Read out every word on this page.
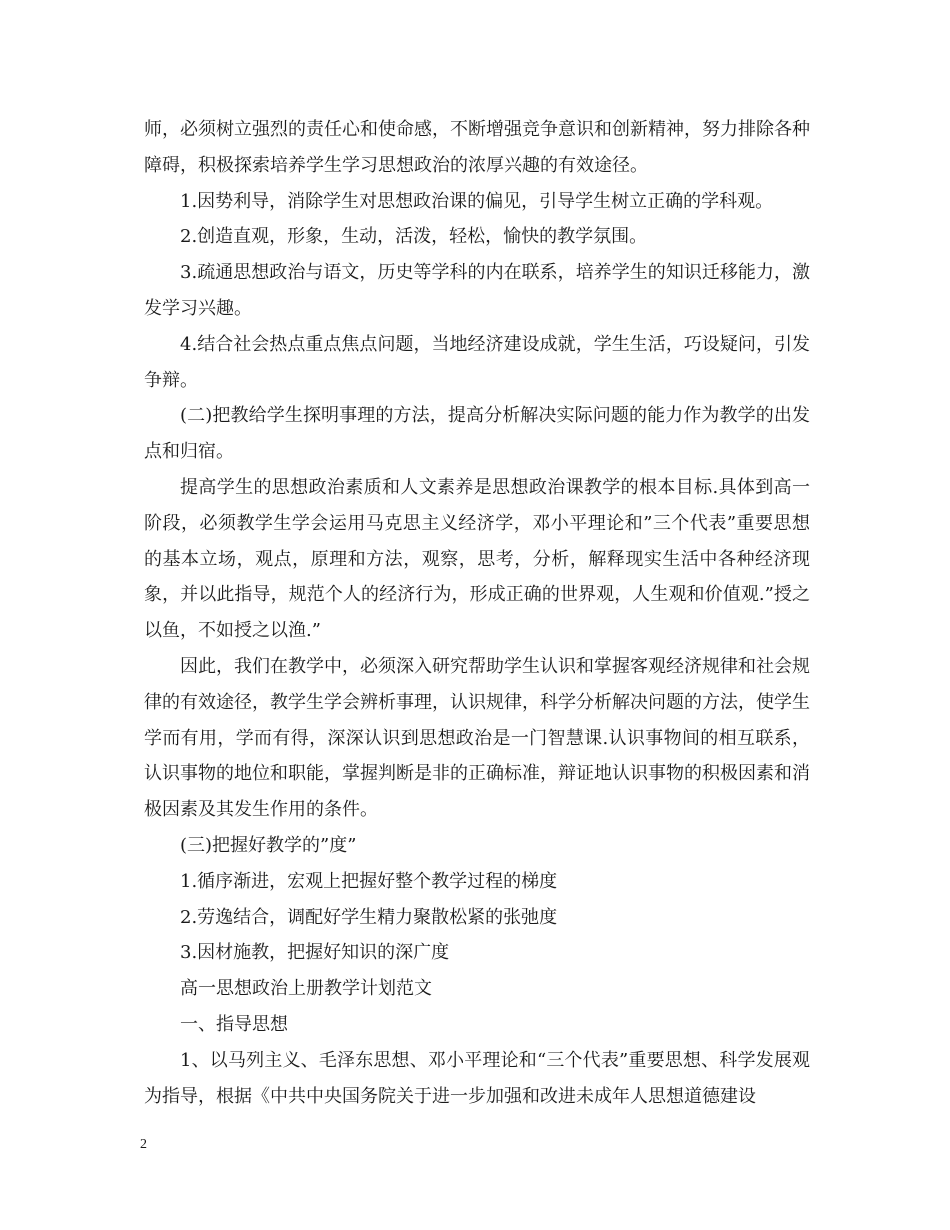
师，必须树立强烈的责任心和使命感，不断增强竞争意识和创新精神，努力排除各种障碍，积极探索培养学生学习思想政治的浓厚兴趣的有效途径。

1.因势利导，消除学生对思想政治课的偏见，引导学生树立正确的学科观。

2.创造直观，形象，生动，活泼，轻松，愉快的教学氛围。

3.疏通思想政治与语文，历史等学科的内在联系，培养学生的知识迁移能力，激发学习兴趣。

4.结合社会热点重点焦点问题，当地经济建设成就，学生生活，巧设疑问，引发争辩。

(二)把教给学生探明事理的方法，提高分析解决实际问题的能力作为教学的出发点和归宿。

提高学生的思想政治素质和人文素养是思想政治课教学的根本目标.具体到高一阶段，必须教学生学会运用马克思主义经济学，邓小平理论和”三个代表”重要思想的基本立场，观点，原理和方法，观察，思考，分析，解释现实生活中各种经济现象，并以此指导，规范个人的经济行为，形成正确的世界观，人生观和价值观.”授之以鱼，不如授之以渔.”

因此，我们在教学中，必须深入研究帮助学生认识和掌握客观经济规律和社会规律的有效途径，教学生学会辨析事理，认识规律，科学分析解决问题的方法，使学生学而有用，学而有得，深深认识到思想政治是一门智慧课.认识事物间的相互联系，认识事物的地位和职能，掌握判断是非的正确标准，辩证地认识事物的积极因素和消极因素及其发生作用的条件。

(三)把握好教学的”度”

1.循序渐进，宏观上把握好整个教学过程的梯度

2.劳逸结合，调配好学生精力聚散松紧的张弛度

3.因材施教，把握好知识的深广度

高一思想政治上册教学计划范文

一、指导思想

1、以马列主义、毛泽东思想、邓小平理论和“三个代表”重要思想、科学发展观为指导，根据《中共中央国务院关于进一步加强和改进未成年人思想道德建设

2
